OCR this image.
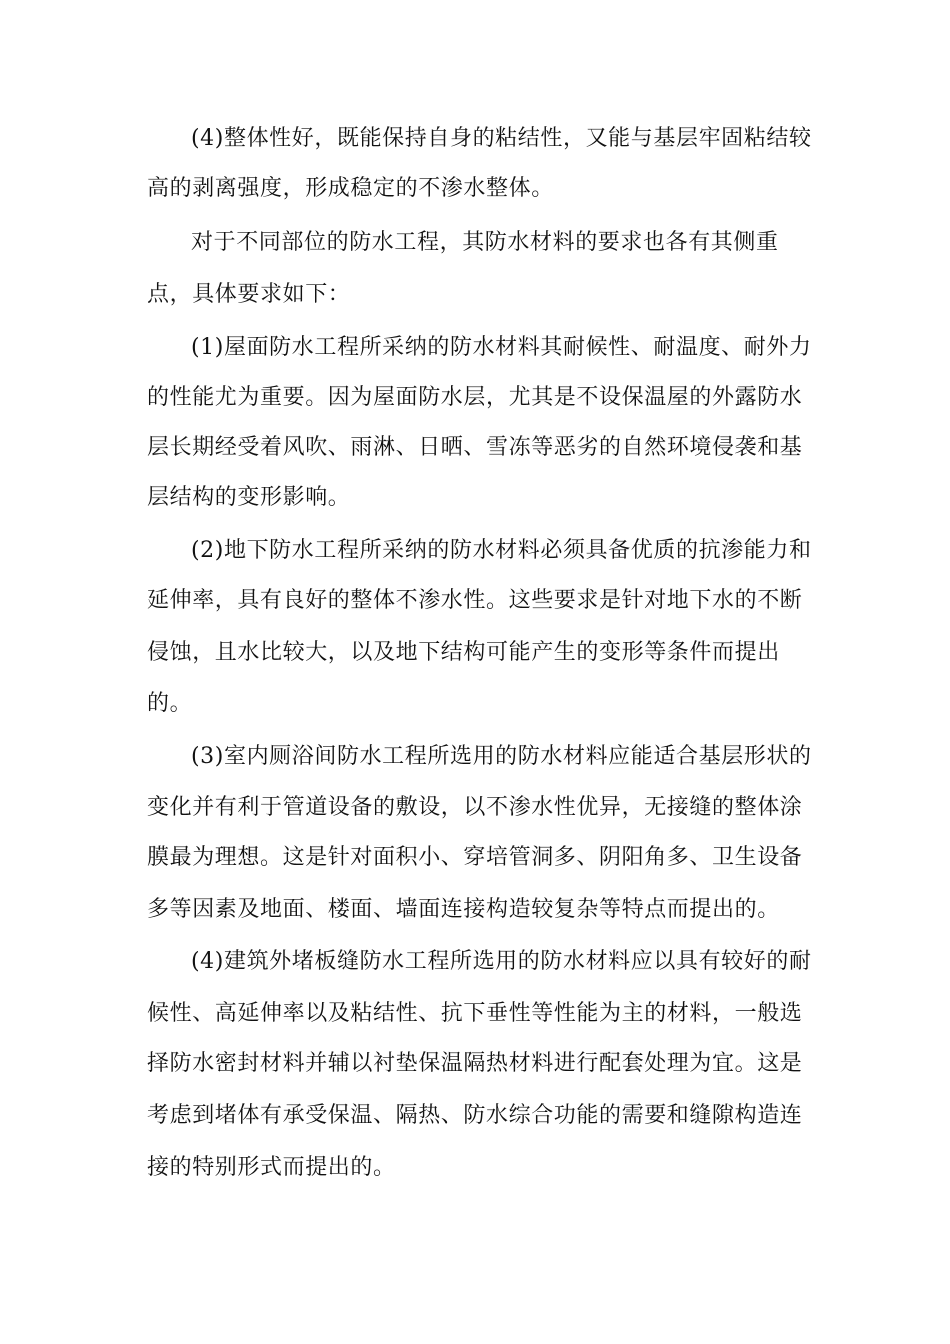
(4)整体性好，既能保持自身的粘结性，又能与基层牢固粘结较
高的剥离强度，形成稳定的不渗水整体。
对于不同部位的防水工程，其防水材料的要求也各有其侧重
点，具体要求如下：
(1)屋面防水工程所采纳的防水材料其耐候性、耐温度、耐外力
的性能尤为重要。因为屋面防水层，尤其是不设保温屋的外露防水
层长期经受着风吹、雨淋、日晒、雪冻等恶劣的自然环境侵袭和基
层结构的变形影响。
(2)地下防水工程所采纳的防水材料必须具备优质的抗渗能力和
延伸率，具有良好的整体不渗水性。这些要求是针对地下水的不断
侵蚀，且水比较大，以及地下结构可能产生的变形等条件而提出
的。
(3)室内厕浴间防水工程所选用的防水材料应能适合基层形状的
变化并有利于管道设备的敷设，以不渗水性优异，无接缝的整体涂
膜最为理想。这是针对面积小、穿培管洞多、阴阳角多、卫生设备
多等因素及地面、楼面、墙面连接构造较复杂等特点而提出的。
(4)建筑外堵板缝防水工程所选用的防水材料应以具有较好的耐
候性、高延伸率以及粘结性、抗下垂性等性能为主的材料，一般选
择防水密封材料并辅以衬垫保温隔热材料进行配套处理为宜。这是
考虑到堵体有承受保温、隔热、防水综合功能的需要和缝隙构造连
接的特别形式而提出的。
